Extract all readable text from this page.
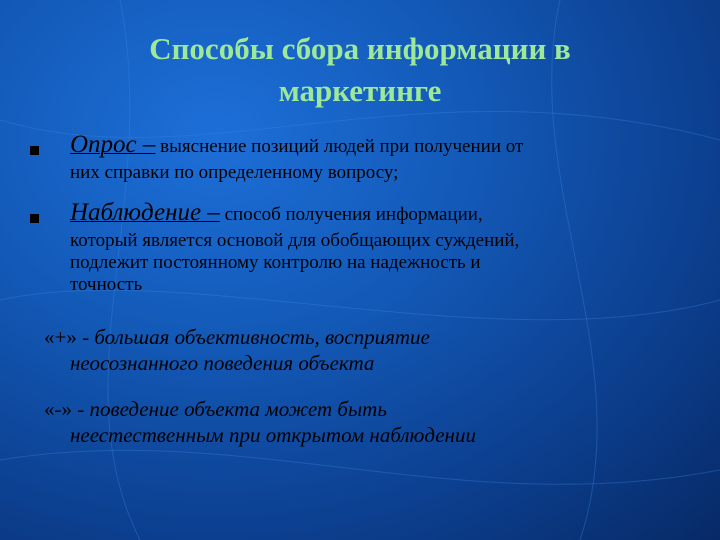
Способы сбора информации в
маркетинге
Опрос – выяснение позиций людей при получении от
них справки по определенному вопросу;
Наблюдение – способ получения информации,
который является основой для обобщающих суждений,
подлежит постоянному контролю на надежность и
точность
«+» - большая объективность, восприятие
неосознанного поведения объекта
«-» - поведение объекта может быть
неестественным при открытом наблюдении
